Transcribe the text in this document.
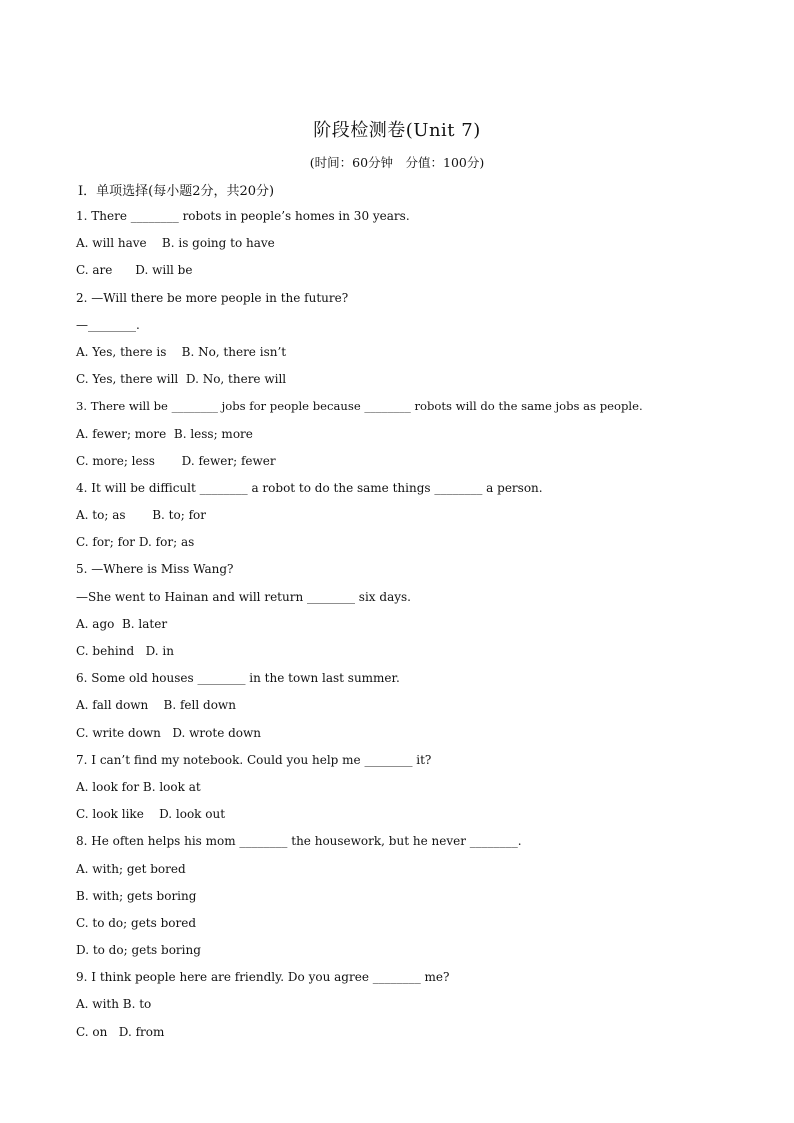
阶段检测卷(Unit 7)
(时间：60分钟　分值：100分)
Ⅰ．单项选择(每小题2分，共20分)
1. There ________ robots in people’s homes in 30 years.
A. will have    B. is going to have
C. are      D. will be
2. —Will there be more people in the future?
—________.
A. Yes, there is    B. No, there isn’t
C. Yes, there will  D. No, there will
3. There will be ________ jobs for people because ________ robots will do the same jobs as people.
A. fewer; more  B. less; more
C. more; less       D. fewer; fewer
4. It will be difficult ________ a robot to do the same things ________ a person.
A. to; as       B. to; for
C. for; for D. for; as
5. —Where is Miss Wang?
—She went to Hainan and will return ________ six days.
A. ago  B. later
C. behind   D. in
6. Some old houses ________ in the town last summer.
A. fall down    B. fell down
C. write down   D. wrote down
7. I can’t find my notebook. Could you help me ________ it?
A. look for B. look at
C. look like    D. look out
8. He often helps his mom ________ the housework, but he never ________.
A. with; get bored
B. with; gets boring
C. to do; gets bored
D. to do; gets boring
9. I think people here are friendly. Do you agree ________ me?
A. with B. to
C. on   D. from
